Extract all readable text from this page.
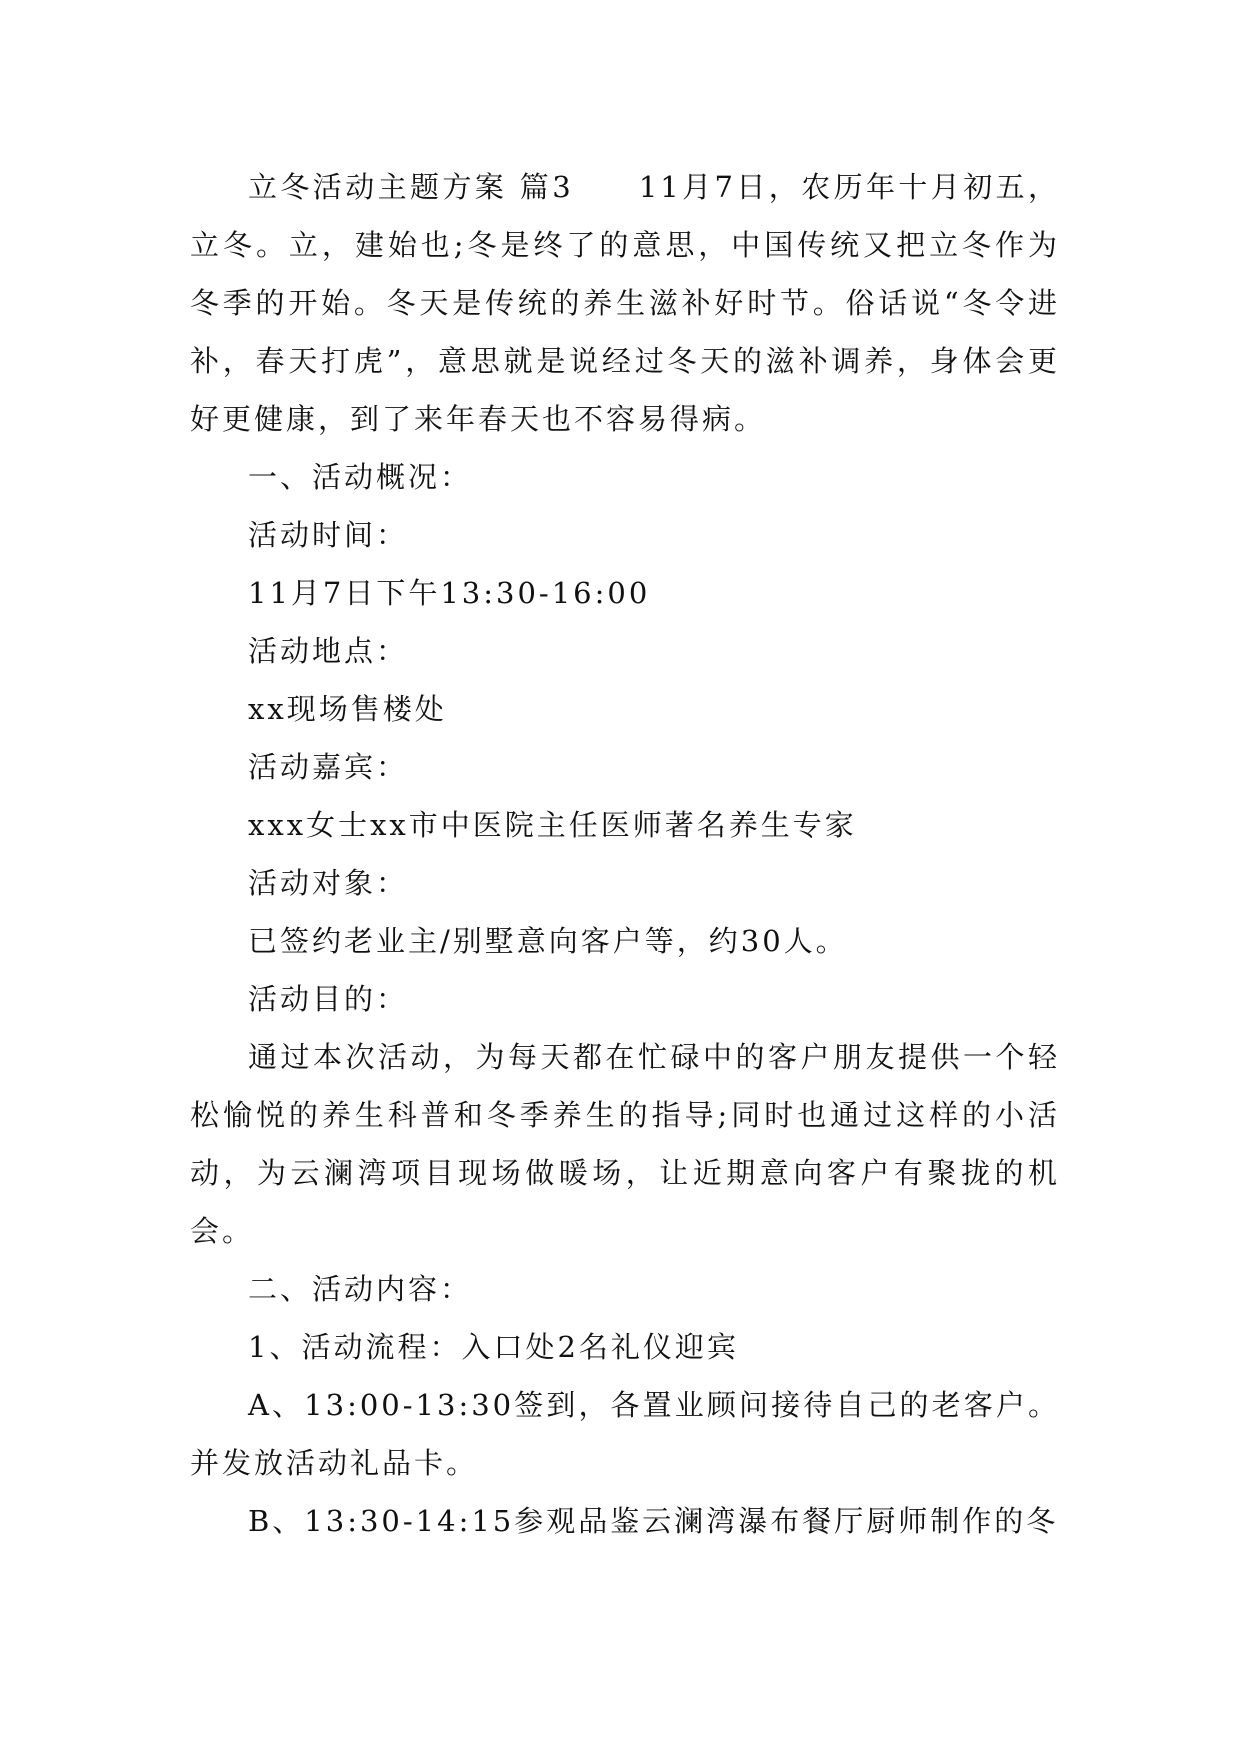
立冬活动主题方案 篇3　　11月7日，农历年十月初五，立冬。立，建始也;冬是终了的意思，中国传统又把立冬作为冬季的开始。冬天是传统的养生滋补好时节。俗话说“冬令进补，春天打虎”，意思就是说经过冬天的滋补调养，身体会更好更健康，到了来年春天也不容易得病。

一、活动概况：

活动时间：

11月7日下午13:30-16:00

活动地点：

xx现场售楼处

活动嘉宾：

xxx女士xx市中医院主任医师著名养生专家

活动对象：

已签约老业主/别墅意向客户等，约30人。

活动目的：

通过本次活动，为每天都在忙碌中的客户朋友提供一个轻松愉悦的养生科普和冬季养生的指导;同时也通过这样的小活动，为云澜湾项目现场做暖场，让近期意向客户有聚拢的机会。

二、活动内容：

1、活动流程：入口处2名礼仪迎宾

A、13:00-13:30签到，各置业顾问接待自己的老客户。并发放活动礼品卡。

B、13:30-14:15参观品鉴云澜湾瀑布餐厅厨师制作的冬
